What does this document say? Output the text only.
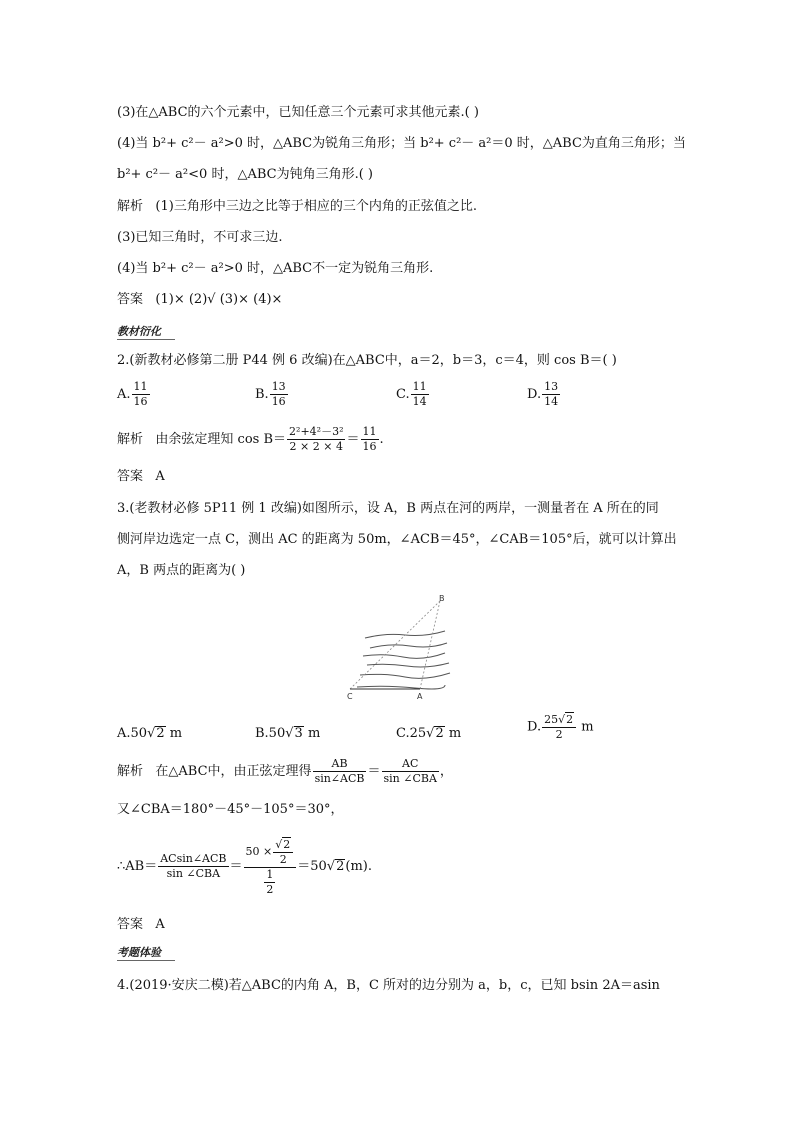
(3)在△ABC的六个元素中，已知任意三个元素可求其他元素.( )
(4)当 b²+ c²－ a²>0 时，△ABC为锐角三角形；当 b²+ c²－ a²＝0 时，△ABC为直角三角形；当
b²+ c²－ a²<0 时，△ABC为钝角三角形.( )
解析 (1)三角形中三边之比等于相应的三个内角的正弦值之比.
(3)已知三角时，不可求三边.
(4)当 b²+ c²－ a²>0 时，△ABC不一定为锐角三角形.
答案 (1)× (2)√ (3)× (4)×
教材衍化
2.(新教材必修第二册 P44 例 6 改编)在△ABC中，a＝2，b＝3，c＝4，则 cos B＝( )
A. $\frac{11}{16}$	B. $\frac{13}{16}$	C. $\frac{11}{14}$	D. $\frac{13}{14}$
解析 由余弦定理知 $\cos B= \frac{\text{2²+4²－3²}}{2 \times 2 \times 4} = \frac{11}{16}$ .
答案 A
3.(老教材必修 5P11 例 1 改编)如图所示，设 A，B 两点在河的两岸，一测量者在 A 所在的同
侧河岸边选定一点 C，测出 AC 的距离为 50m，∠ACB＝45°，∠CAB＝105°后，就可以计算出
A，B 两点的距离为( )
B
C	A
A.50√2 m	B.50√3 m	C.25√2 m	D. $\frac{25√2}{2}$ m
解析 在△ABC中，由正弦定理得 $\frac{AB}{\text{sin∠ACB}} = \frac{AC}{\text{sin ∠CBA}}$ ，
又∠CBA＝180°－45°－105°＝30°，
∴AB＝ $\frac{\text{ACsin∠ACB}}{\text{sin ∠CBA}} = \frac{50 \times \frac{√2}{2}}{\frac{1}{2}} =50√2(m)$.
答案 A
考题体验
4.(2019·安庆二模)若△ABC的内角 A，B，C 所对的边分别为 a，b，c，已知 bsin 2A＝asin
